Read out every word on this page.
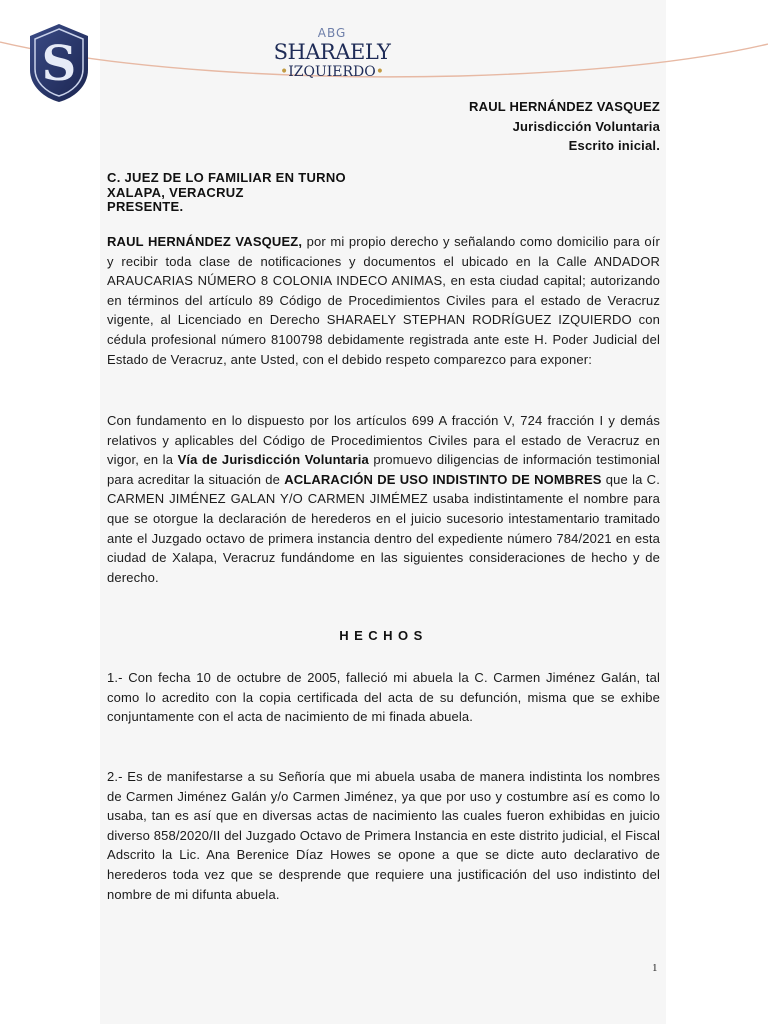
S
ABG
SHARAELY
•IZQUIERDO•
RAUL HERNÁNDEZ VASQUEZ
Jurisdicción Voluntaria
Escrito inicial.
C. JUEZ DE LO FAMILIAR EN TURNO
XALAPA, VERACRUZ
PRESENTE.
RAUL HERNÁNDEZ VASQUEZ, por mi propio derecho y señalando como domicilio para oír y recibir toda clase de notificaciones y documentos el ubicado en la Calle ANDADOR ARAUCARIAS NÚMERO 8 COLONIA INDECO ANIMAS, en esta ciudad capital; autorizando en términos del artículo 89 Código de Procedimientos Civiles para el estado de Veracruz vigente, al Licenciado en Derecho SHARAELY STEPHAN RODRÍGUEZ IZQUIERDO con cédula profesional número 8100798 debidamente registrada ante este H. Poder Judicial del Estado de Veracruz, ante Usted, con el debido respeto comparezco para exponer:
Con fundamento en lo dispuesto por los artículos 699 A fracción V, 724 fracción I y demás relativos y aplicables del Código de Procedimientos Civiles para el estado de Veracruz en vigor, en la Vía de Jurisdicción Voluntaria promuevo diligencias de información testimonial para acreditar la situación de ACLARACIÓN DE USO INDISTINTO DE NOMBRES que la C. CARMEN JIMÉNEZ GALAN Y/O CARMEN JIMÉMEZ usaba indistintamente el nombre para que se otorgue la declaración de herederos en el juicio sucesorio intestamentario tramitado ante el Juzgado octavo de primera instancia dentro del expediente número 784/2021 en esta ciudad de Xalapa, Veracruz fundándome en las siguientes consideraciones de hecho y de derecho.
HECHOS
1.- Con fecha 10 de octubre de 2005, falleció mi abuela la C. Carmen Jiménez Galán, tal como lo acredito con la copia certificada del acta de su defunción, misma que se exhibe conjuntamente con el acta de nacimiento de mi finada abuela.
2.- Es de manifestarse a su Señoría que mi abuela usaba de manera indistinta los nombres de Carmen Jiménez Galán y/o Carmen Jiménez, ya que por uso y costumbre así es como lo usaba, tan es así que en diversas actas de nacimiento las cuales fueron exhibidas en juicio diverso 858/2020/II del Juzgado Octavo de Primera Instancia en este distrito judicial, el Fiscal Adscrito la Lic. Ana Berenice Díaz Howes se opone a que se dicte auto declarativo de herederos toda vez que se desprende que requiere una justificación del uso indistinto del nombre de mi difunta abuela.
1
